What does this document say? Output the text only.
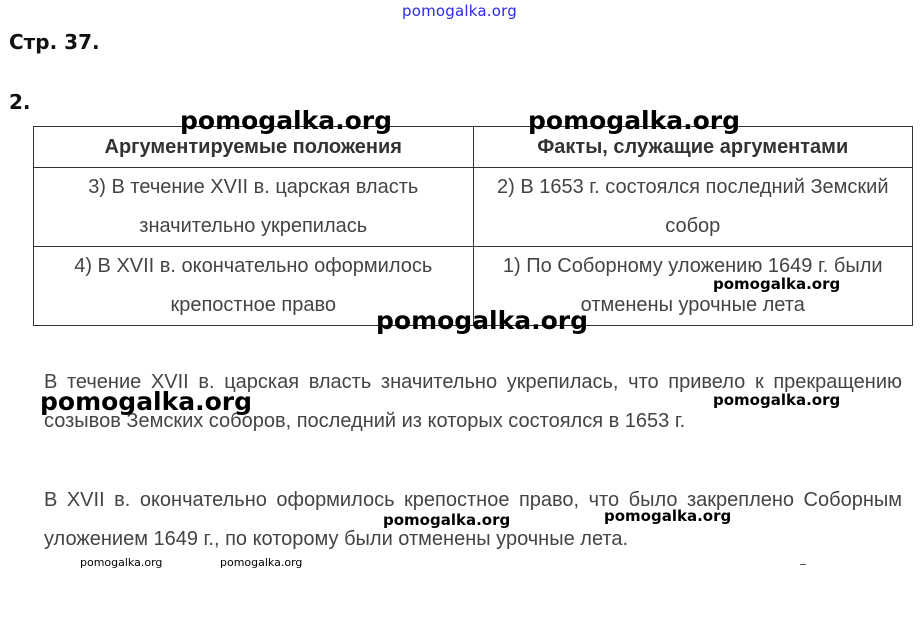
pomogalka.org
Стр. 37.
2.
Аргументируемые положения	Факты, служащие аргументами
3) В течение XVII в. царская власть значительно укрепилась	2) В 1653 г. состоялся последний Земский собор
4) В XVII в. окончательно оформилось крепостное право	1) По Соборному уложению 1649 г. были отменены урочные лета
В течение XVII в. царская власть значительно укрепилась, что привело к прекращению созывов Земских соборов, последний из которых состоялся в 1653 г.
В XVII в. окончательно оформилось крепостное право, что было закреплено Соборным уложением 1649 г., по которому были отменены урочные лета.
pomogalka.org	pomogalka.org
pomogalka.org
pomogalka.org
pomogalka.org	pomogalka.org
pomogalka.org
pomogalka.org
pomogalka.org	pomogalka.org
